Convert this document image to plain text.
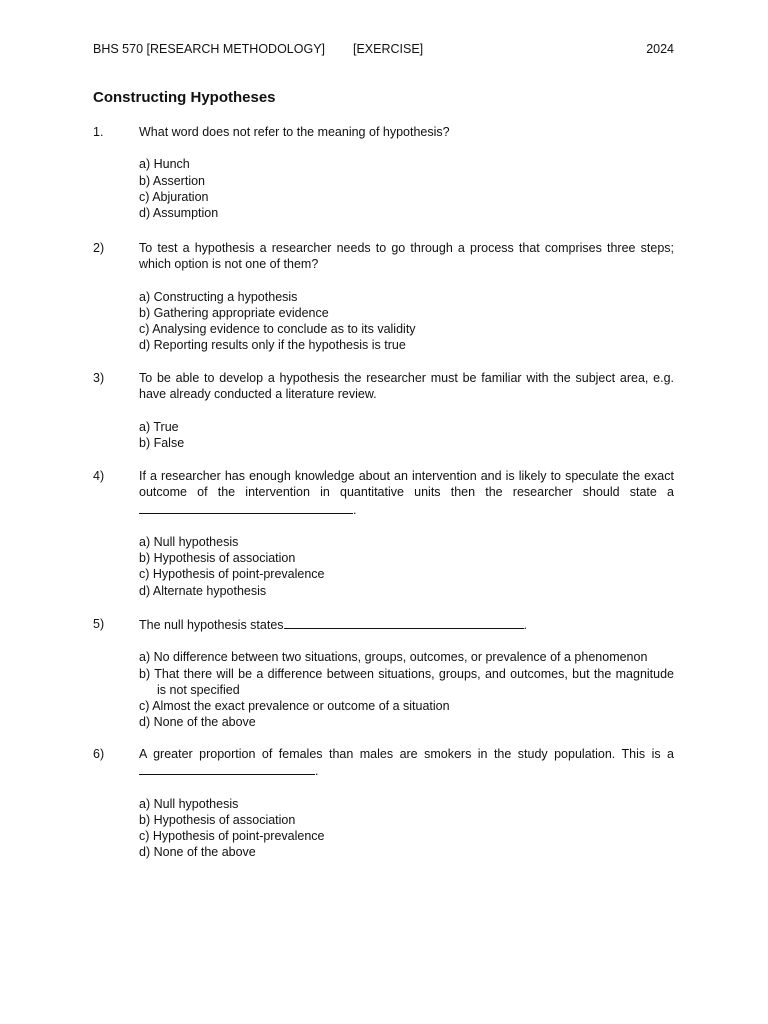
BHS 570 [RESEARCH METHODOLOGY] [EXERCISE]	2024
Constructing Hypotheses
1.	What word does not refer to the meaning of hypothesis?
a) Hunch
b) Assertion
c) Abjuration
d) Assumption
2)	To test a hypothesis a researcher needs to go through a process that comprises three steps; which option is not one of them?
a) Constructing a hypothesis
b) Gathering appropriate evidence
c) Analysing evidence to conclude as to its validity
d) Reporting results only if the hypothesis is true
3)	To be able to develop a hypothesis the researcher must be familiar with the subject area, e.g. have already conducted a literature review.
a) True
b) False
4)	If a researcher has enough knowledge about an intervention and is likely to speculate the exact outcome of the intervention in quantitative units then the researcher should state a .
a) Null hypothesis
b) Hypothesis of association
c) Hypothesis of point-prevalence
d) Alternate hypothesis
5)	The null hypothesis states	.
a) No difference between two situations, groups, outcomes, or prevalence of a phenomenon
b) That there will be a difference between situations, groups, and outcomes, but the magnitude is not specified
c) Almost the exact prevalence or outcome of a situation
d) None of the above
6)	A greater proportion of females than males are smokers in the study population. This is a .
a) Null hypothesis
b) Hypothesis of association
c) Hypothesis of point-prevalence
d) None of the above
